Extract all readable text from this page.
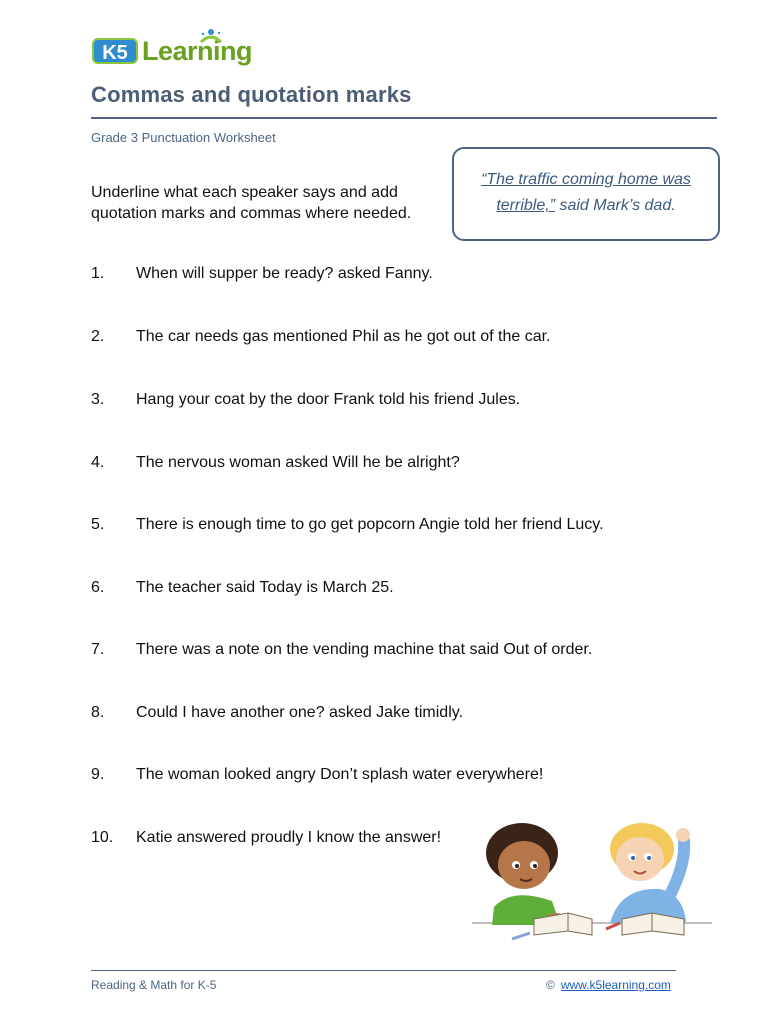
K5 Learning
Commas and quotation marks
Grade 3 Punctuation Worksheet
“The traffic coming home was terrible,” said Mark’s dad.
Underline what each speaker says and add quotation marks and commas where needed.
1. When will supper be ready? asked Fanny.
2. The car needs gas mentioned Phil as he got out of the car.
3. Hang your coat by the door Frank told his friend Jules.
4. The nervous woman asked Will he be alright?
5. There is enough time to go get popcorn Angie told her friend Lucy.
6. The teacher said Today is March 25.
7. There was a note on the vending machine that said Out of order.
8. Could I have another one? asked Jake timidly.
9. The woman looked angry Don’t splash water everywhere!
10. Katie answered proudly I know the answer!
Reading & Math for K-5	© www.k5learning.com
